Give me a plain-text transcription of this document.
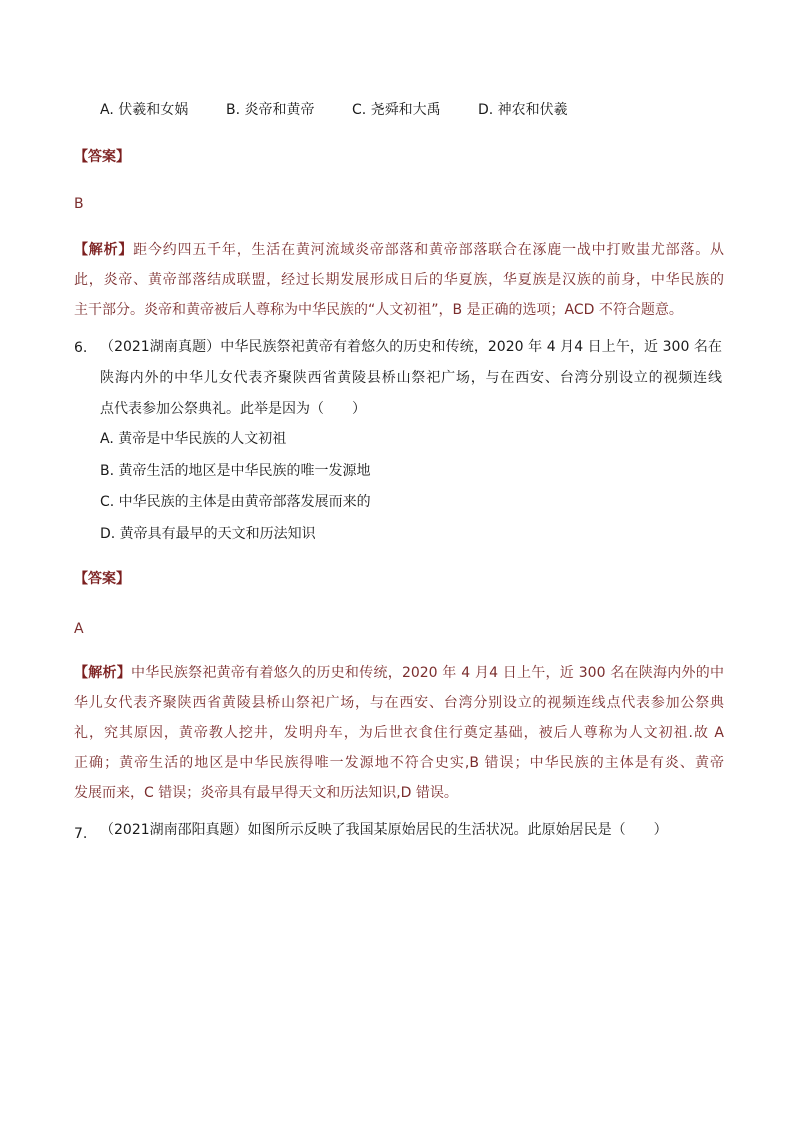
A. 伏羲和女娲	B. 炎帝和黄帝	C. 尧舜和大禹	D. 神农和伏羲
【答案】
B
【解析】距今约四五千年，生活在黄河流域炎帝部落和黄帝部落联合在涿鹿一战中打败蚩尤部落。从
此，炎帝、黄帝部落结成联盟，经过长期发展形成日后的华夏族，华夏族是汉族的前身，中华民族的
主干部分。炎帝和黄帝被后人尊称为中华民族的“人文初祖”，B 是正确的选项；ACD 不符合题意。
6. （2021湖南真题）中华民族祭祀黄帝有着悠久的历史和传统，2020 年 4 月4 日上午，近 300 名在
陕海内外的中华儿女代表齐聚陕西省黄陵县桥山祭祀广场，与在西安、台湾分别设立的视频连线
点代表参加公祭典礼。此举是因为（　　）
A. 黄帝是中华民族的人文初祖
B. 黄帝生活的地区是中华民族的唯一发源地
C. 中华民族的主体是由黄帝部落发展而来的
D. 黄帝具有最早的天文和历法知识
【答案】
A
【解析】中华民族祭祀黄帝有着悠久的历史和传统，2020 年 4 月4 日上午，近 300 名在陕海内外的中
华儿女代表齐聚陕西省黄陵县桥山祭祀广场，与在西安、台湾分别设立的视频连线点代表参加公祭典
礼，究其原因，黄帝教人挖井，发明舟车，为后世衣食住行奠定基础，被后人尊称为人文初祖.故 A
正确；黄帝生活的地区是中华民族得唯一发源地不符合史实,B 错误；中华民族的主体是有炎、黄帝
发展而来，C 错误；炎帝具有最早得天文和历法知识,D 错误。
7. （2021湖南邵阳真题）如图所示反映了我国某原始居民的生活状况。此原始居民是（　　）
